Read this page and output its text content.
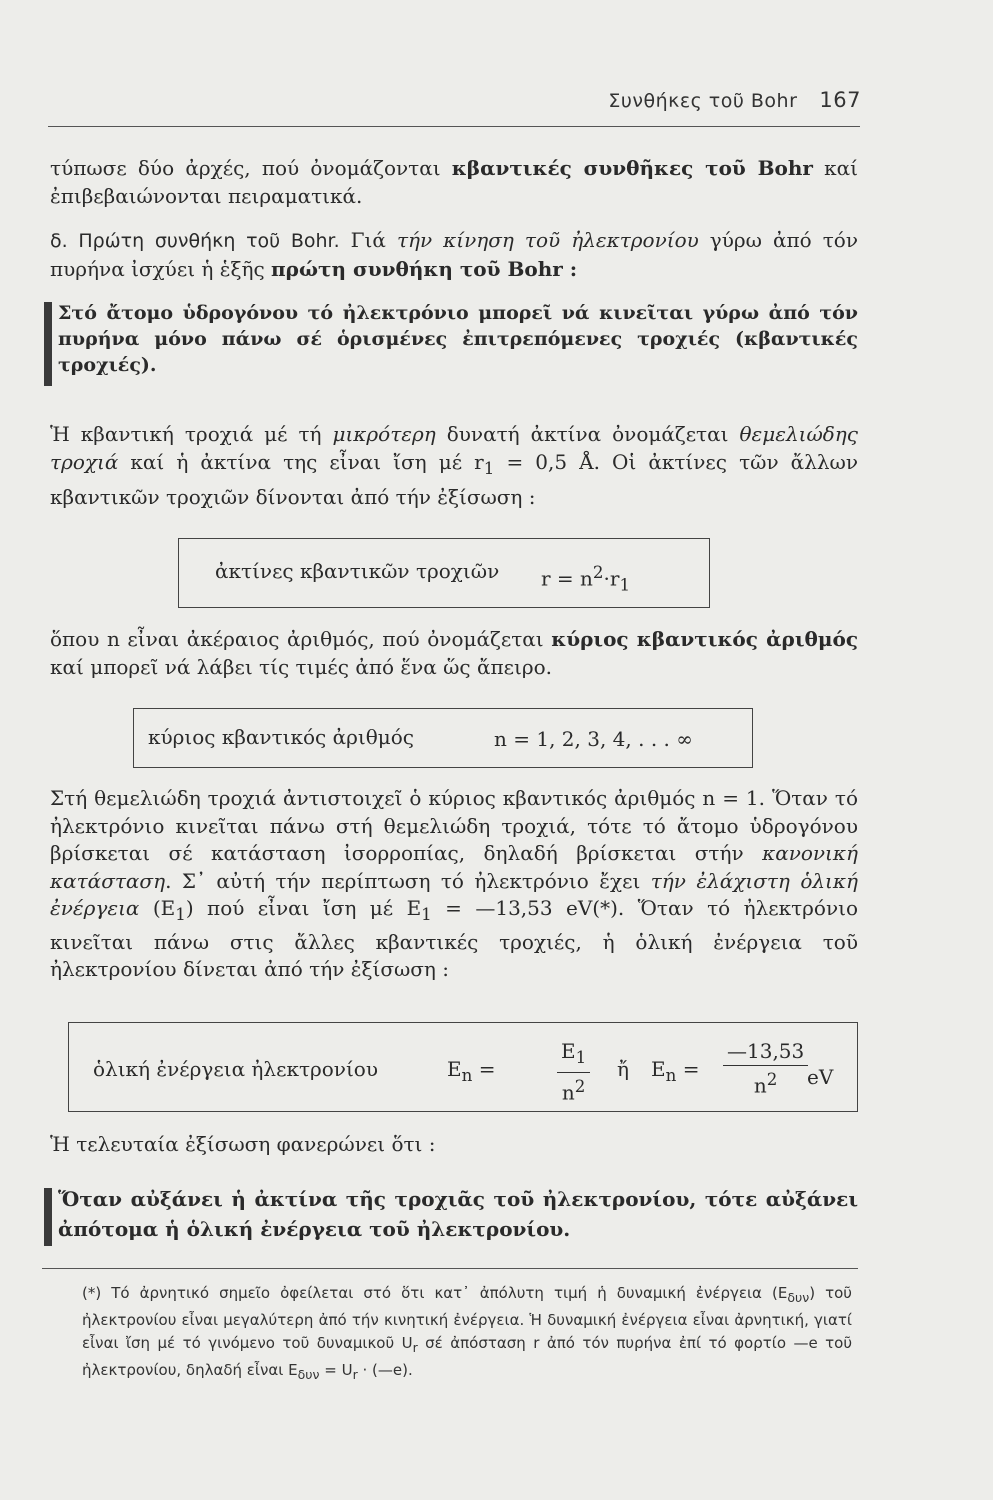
Συνθήκες τοῦ Bohr 167
τύπωσε δύο ἀρχές, πού ὀνομάζονται κβαντικές συνθῆκες τοῦ Bohr καί ἐπιβεβαιώνονται πειραματικά.
δ. Πρώτη συνθήκη τοῦ Bohr. Γιά τήν κίνηση τοῦ ἠλεκτρονίου γύρω ἀπό τόν πυρήνα ἰσχύει ἡ ἑξῆς πρώτη συνθήκη τοῦ Bohr :
Στό ἄτομο ὑδρογόνου τό ἠλεκτρόνιο μπορεῖ νά κινεῖται γύρω ἀπό τόν πυρήνα μόνο πάνω σέ ὁρισμένες ἐπιτρεπόμενες τροχιές (κβαντικές τροχιές).
Ἡ κβαντική τροχιά μέ τή μικρότερη δυνατή ἀκτίνα ὀνομάζεται θεμελιώδης τροχιά καί ἡ ἀκτίνα της εἶναι ἴση μέ $r_1 = 0,5$ Å. Οἱ ἀκτίνες τῶν ἄλλων κβαντικῶν τροχιῶν δίνονται ἀπό τήν ἐξίσωση :
ἀκτίνες κβαντικῶν τροχιῶν $r = n^2\cdot r_1$
ὅπου n εἶναι ἀκέραιος ἀριθμός, πού ὀνομάζεται κύριος κβαντικός ἀριθμός καί μπορεῖ νά λάβει τίς τιμές ἀπό ἕνα ὥς ἄπειρο.
κύριος κβαντικός ἀριθμός	n = 1, 2, 3, 4, . . . ∞
Στή θεμελιώδη τροχιά ἀντιστοιχεῖ ὁ κύριος κβαντικός ἀριθμός n = 1. Ὅταν τό ἠλεκτρόνιο κινεῖται πάνω στή θεμελιώδη τροχιά, τότε τό ἄτομο ὑδρογόνου βρίσκεται σέ κατάσταση ἰσορροπίας, δηλαδή βρίσκεται στήν κανονική κατάσταση. Σ᾽ αὐτή τήν περίπτωση τό ἠλεκτρόνιο ἔχει τήν ἐλάχιστη ὁλική ἐνέργεια $(E_1)$ πού εἶναι ἴση μέ $E_1$ = —13,53 eV(*). Ὅταν τό ἠλεκτρόνιο κινεῖται πάνω στις ἄλλες κβαντικές τροχιές, ἡ ὁλική ἐνέργεια τοῦ ἠλεκτρονίου δίνεται ἀπό τήν ἐξίσωση :
ὁλική ἐνέργεια ἠλεκτρονίου	$E_n$ =	$\frac{E_1}{n^2}$ ἤ $E_n = \frac{—13,53}{n^2}$
eV
Ἡ τελευταία ἐξίσωση φανερώνει ὅτι :
Ὅταν αὐξάνει ἡ ἀκτίνα τῆς τροχιᾶς τοῦ ἠλεκτρονίου, τότε αὐξάνει ἀπότομα ἡ ὁλική ἐνέργεια τοῦ ἠλεκτρονίου.
(*) Τό ἀρνητικό σημεῖο ὀφείλεται στό ὅτι κατ᾽ ἀπόλυτη τιμή ἡ δυναμική ἐνέργεια $(E_{\delta\upsilon\nu})$ τοῦ ἠλεκτρονίου εἶναι μεγαλύτερη ἀπό τήν κινητική ἐνέργεια. Ἡ δυναμική ἐνέργεια εἶναι ἀρνητική, γιατί εἶναι ἴση μέ τό γινόμενο τοῦ δυναμικοῦ $U_r$ σέ ἀπόσταση r ἀπό τόν πυρήνα ἐπί τό φορτίο —e τοῦ ἠλεκτρονίου, δηλαδή εἶναι $E_{\delta\upsilon\nu} = U_r$ · (—e).
